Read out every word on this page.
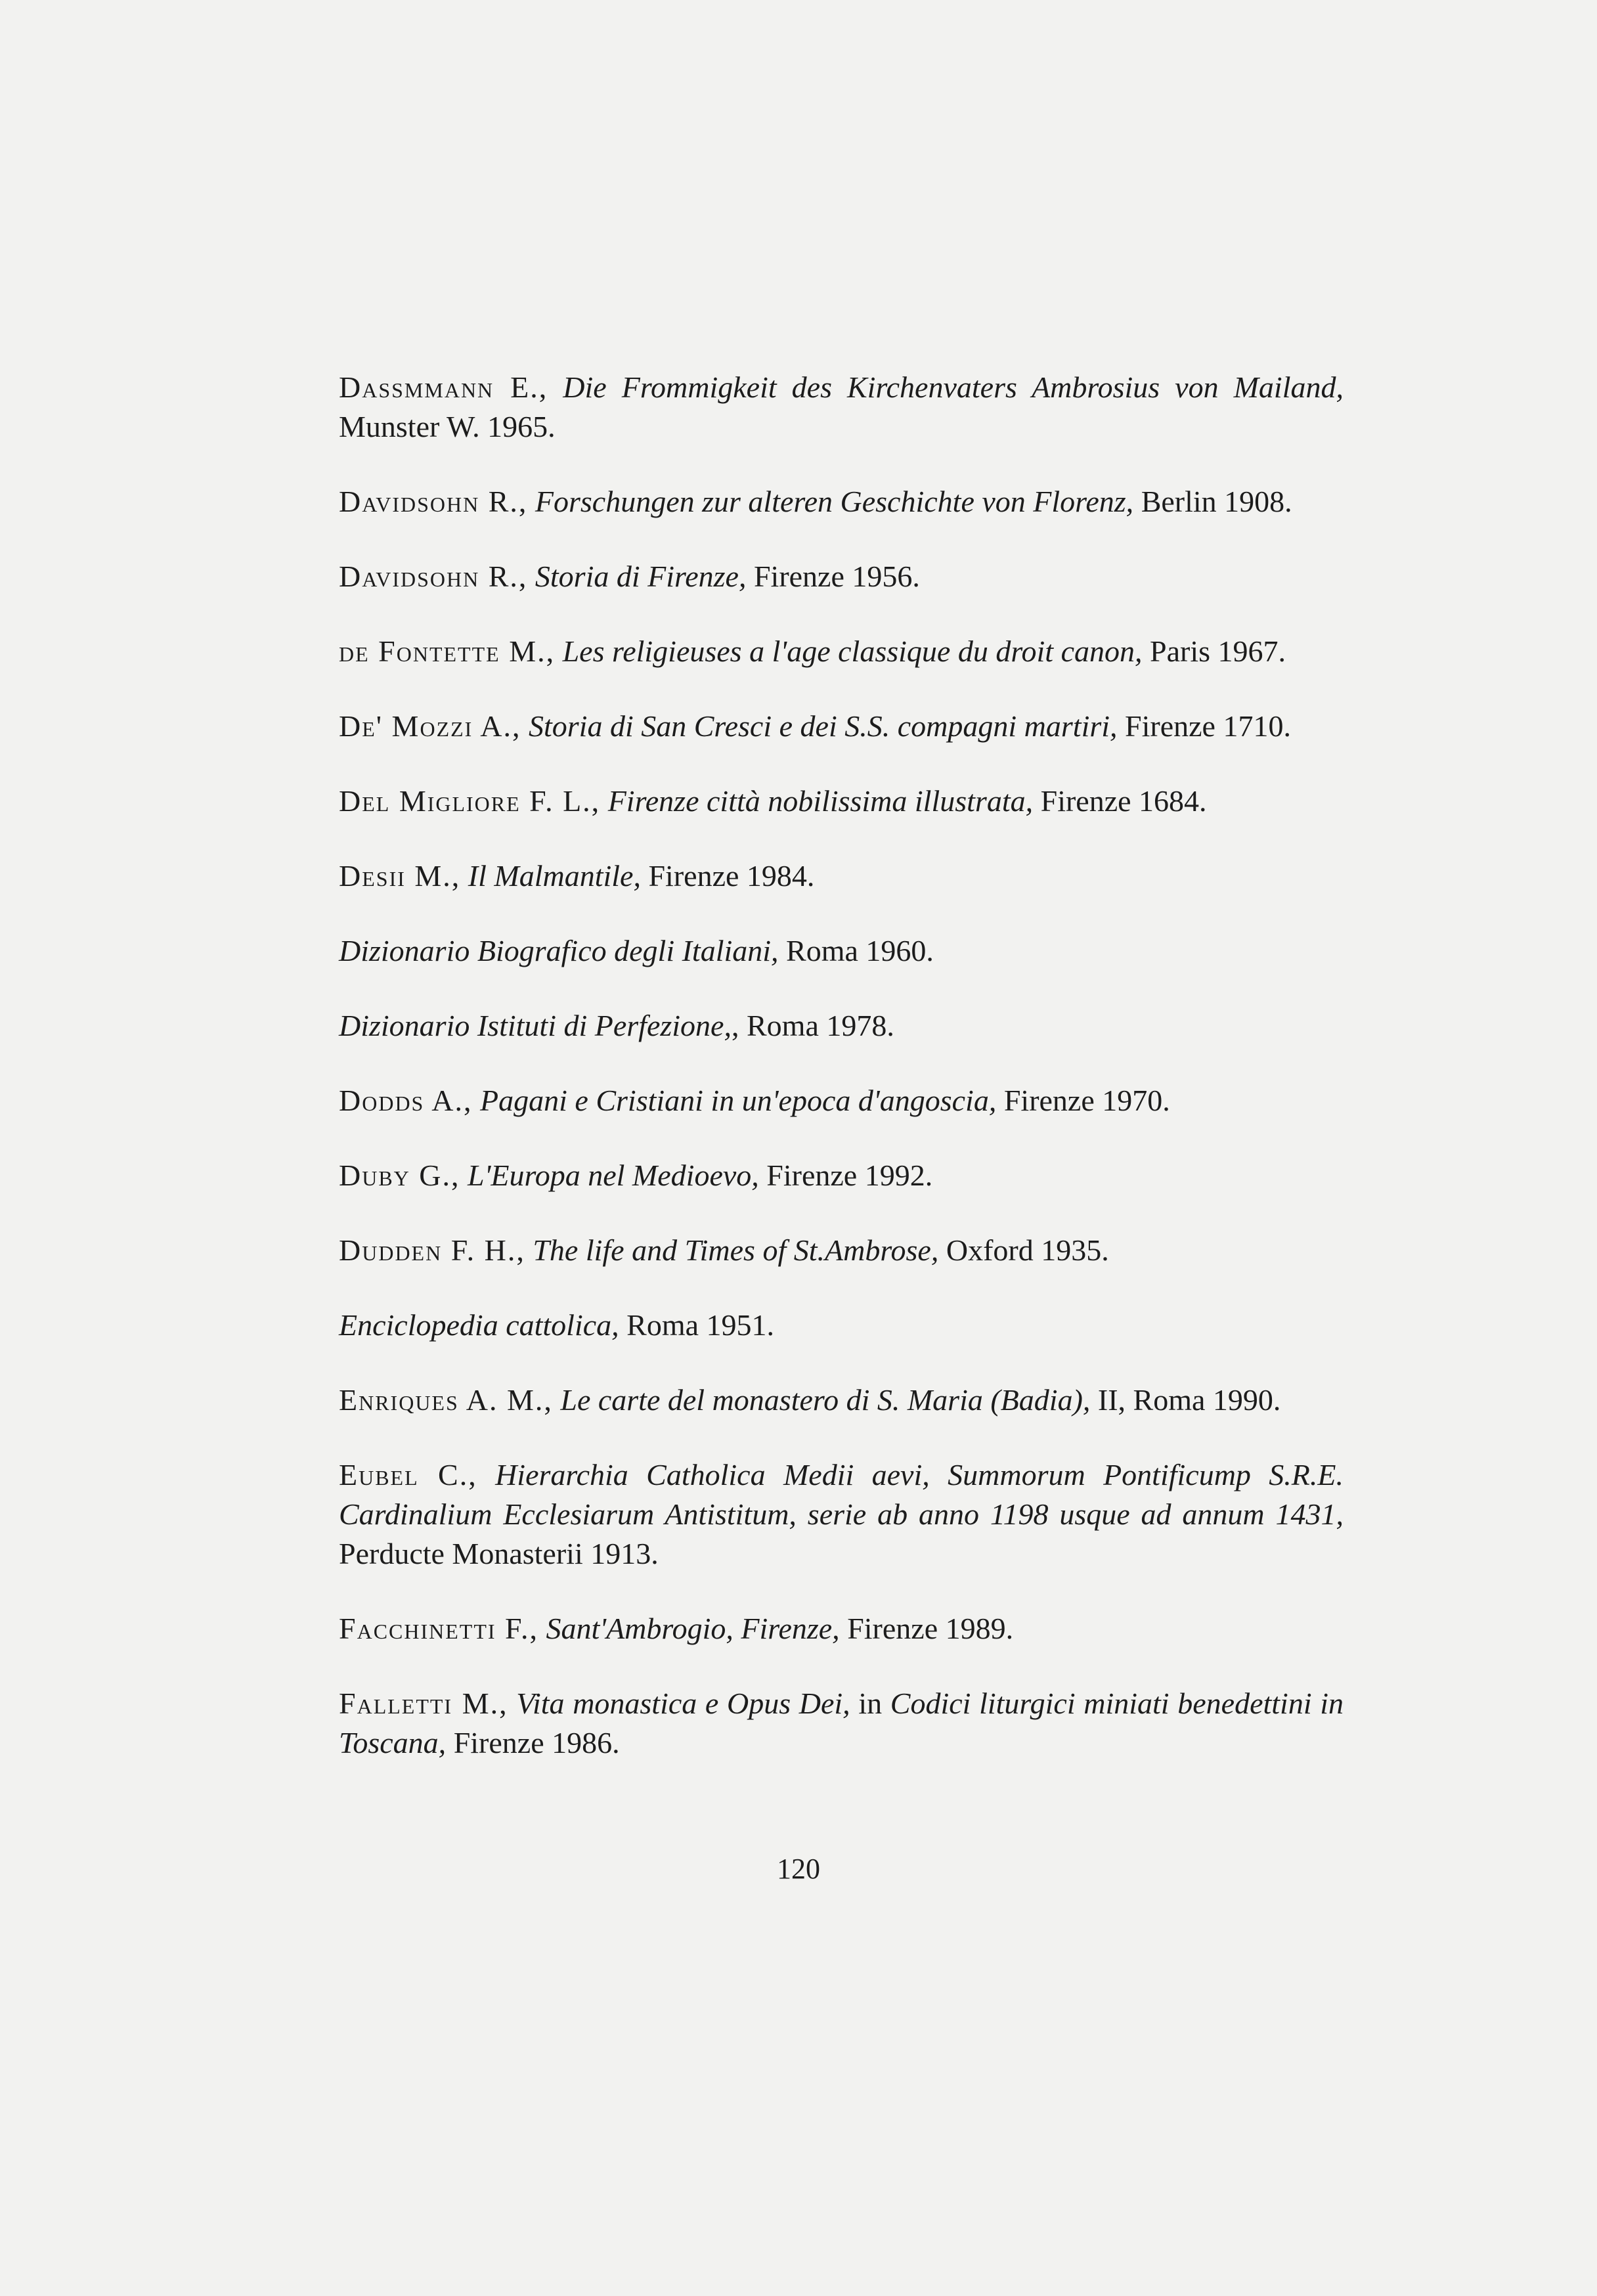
Dassmmann E., Die Frommigkeit des Kirchenvaters Ambrosius von Mailand, Munster W. 1965.

Davidsohn R., Forschungen zur alteren Geschichte von Florenz, Berlin 1908.

Davidsohn R., Storia di Firenze, Firenze 1956.

de Fontette M., Les religieuses a l'age classique du droit canon, Paris 1967.

De' Mozzi A., Storia di San Cresci e dei S.S. compagni martiri, Firenze 1710.

Del Migliore F. L., Firenze città nobilissima illustrata, Firenze 1684.

Desii M., Il Malmantile, Firenze 1984.

Dizionario Biografico degli Italiani, Roma 1960.

Dizionario Istituti di Perfezione,, Roma 1978.

Dodds A., Pagani e Cristiani in un'epoca d'angoscia, Firenze 1970.

Duby G., L'Europa nel Medioevo, Firenze 1992.

Dudden F. H., The life and Times of St.Ambrose, Oxford 1935.

Enciclopedia cattolica, Roma 1951.

Enriques A. M., Le carte del monastero di S. Maria (Badia), II, Roma 1990.

Eubel C., Hierarchia Catholica Medii aevi, Summorum Pontificump S.R.E. Cardinalium Ecclesiarum Antistitum, serie ab anno 1198 usque ad annum 1431, Perducte Monasterii 1913.

Facchinetti F., Sant'Ambrogio, Firenze, Firenze 1989.

Falletti M., Vita monastica e Opus Dei, in Codici liturgici miniati benedettini in Toscana, Firenze 1986.

120
